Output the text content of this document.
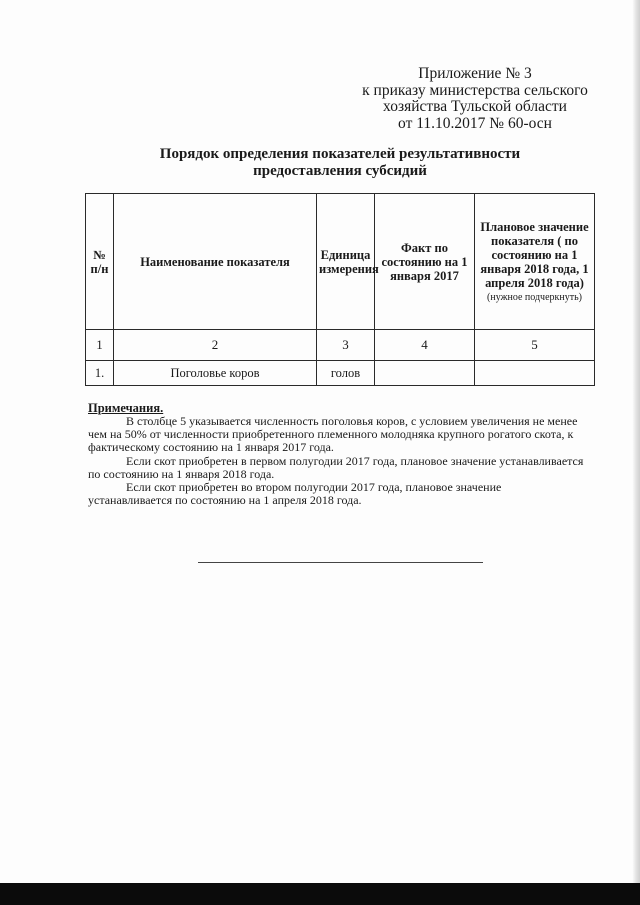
Приложение № 3
к приказу министерства сельского
хозяйства Тульской области
от 11.10.2017 № 60-осн
Порядок определения показателей результативности
предоставления субсидий
№ п/н	Наименование показателя	Единица измерения	Факт по состоянию на 1 января 2017	Плановое значение показателя ( по состоянию на 1 января 2018 года, 1 апреля 2018 года)
(нужное подчеркнуть)

1	2	3	4	5
1.	Поголовье коров	голов		
Примечания.

В столбце 5 указывается численность поголовья коров, с условием увеличения не менее чем на 50% от численности приобретенного племенного молодняка крупного рогатого скота, к фактическому состоянию на 1 января 2017 года.

Если скот приобретен в первом полугодии 2017 года, плановое значение устанавливается по состоянию на 1 января 2018 года.

Если скот приобретен во втором полугодии 2017 года, плановое значение устанавливается по состоянию на 1 апреля 2018 года.
